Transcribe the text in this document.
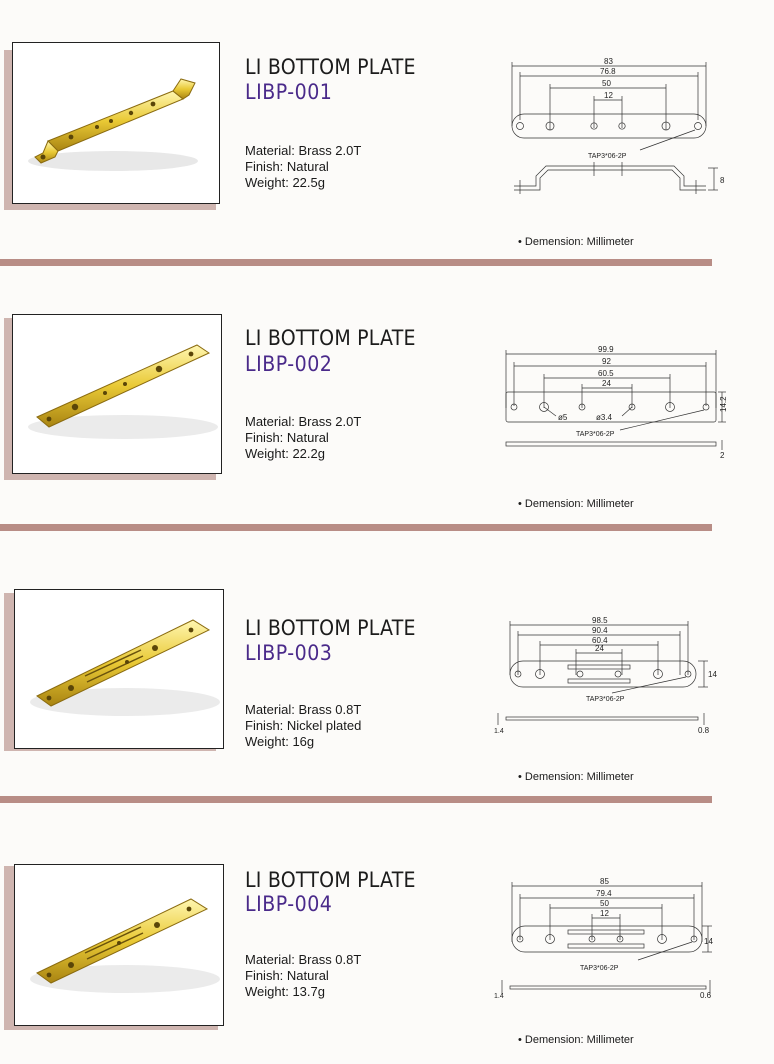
LI BOTTOM PLATE
LIBP-001
Material: Brass 2.0T
Finish: Natural
Weight: 22.5g
83
76.8
50
12
TAP3*06-2P
8
• Demension: Millimeter
LI BOTTOM PLATE
LIBP-002
Material: Brass 2.0T
Finish: Natural
Weight: 22.2g
99.9
92
60.5
24
ø5	ø3.4
TAP3*06-2P
14.2
2
• Demension: Millimeter
LI BOTTOM PLATE
LIBP-003
Material: Brass 0.8T
Finish: Nickel plated
Weight: 16g
98.5
90.4
60.4
24
TAP3*06-2P
14
1.4	0.8
• Demension: Millimeter
LI BOTTOM PLATE
LIBP-004
Material: Brass 0.8T
Finish: Natural
Weight: 13.7g
85
79.4
50
12
TAP3*06-2P
14
1.4	0.6
• Demension: Millimeter
